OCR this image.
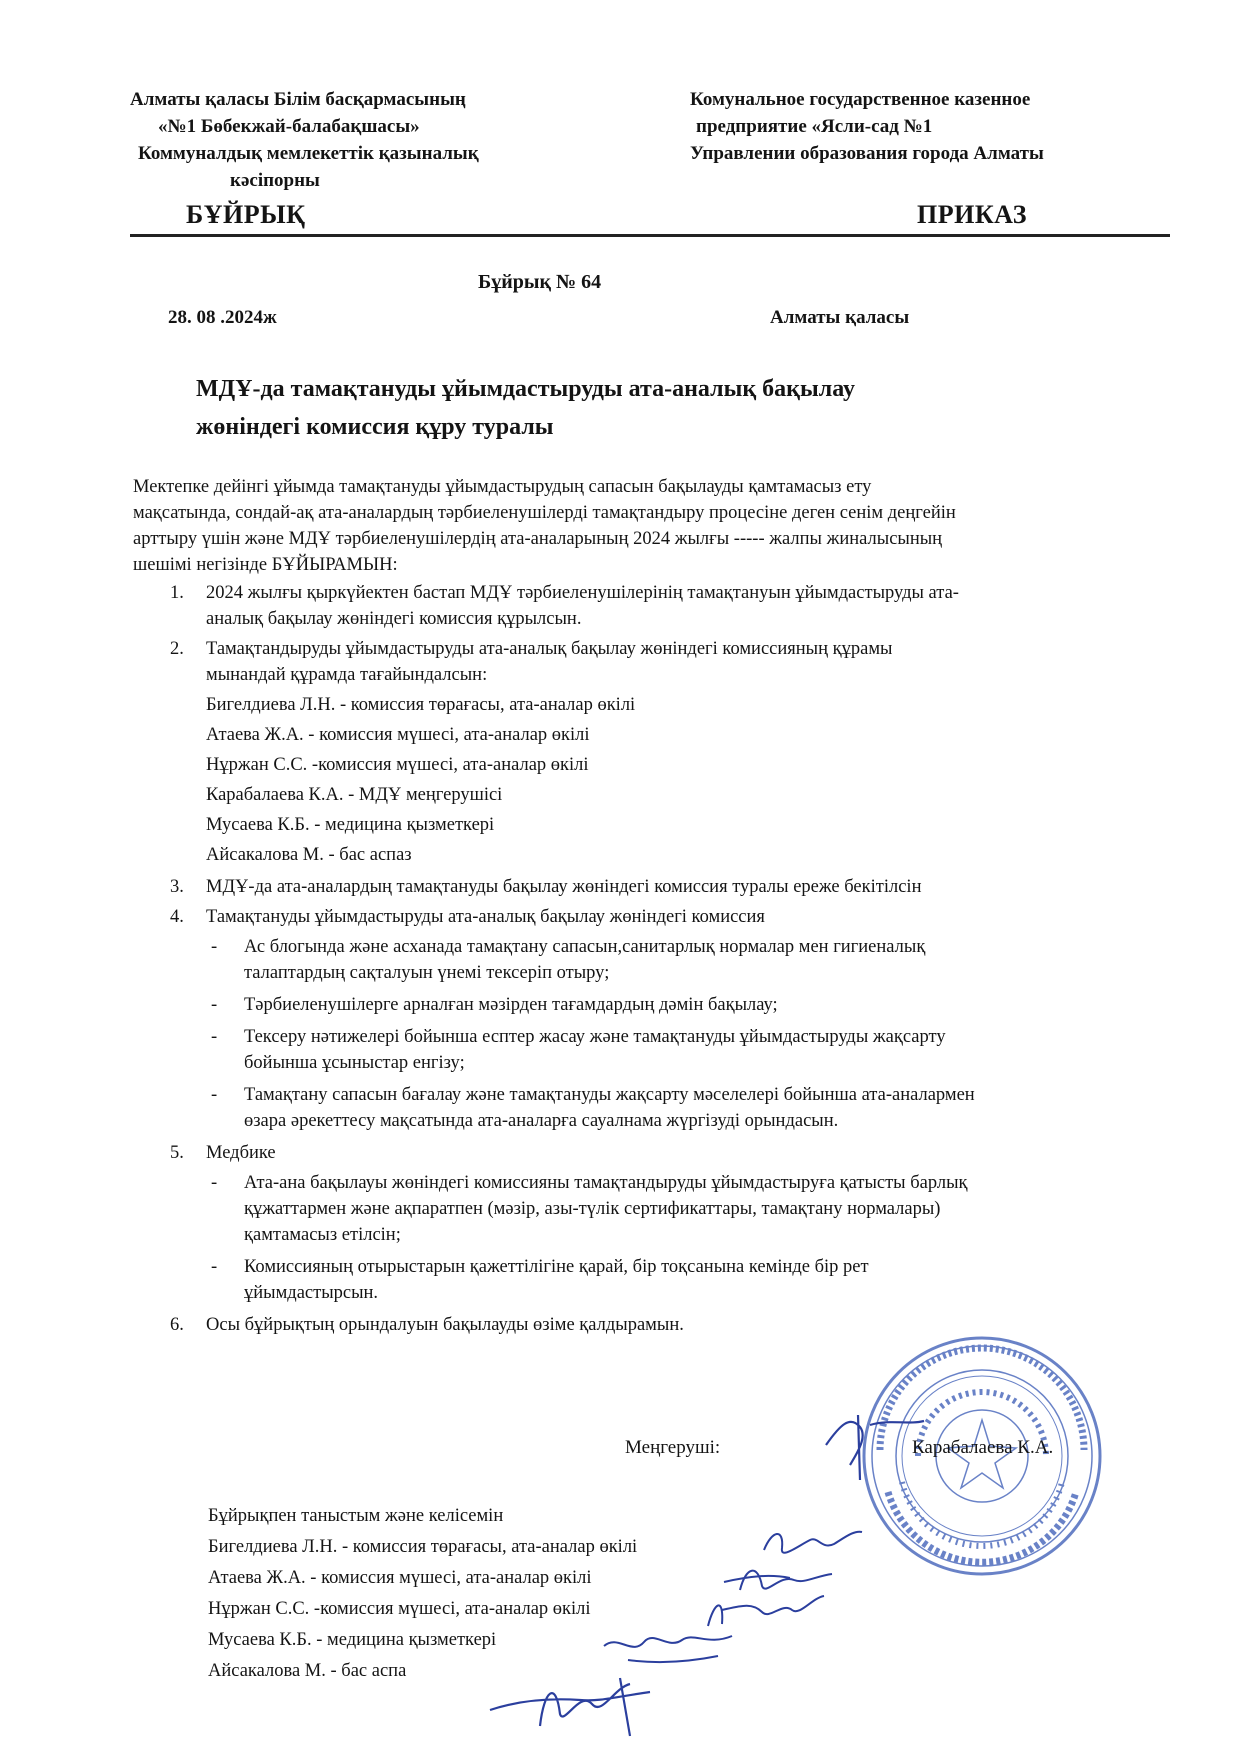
Алматы қаласы Білім басқармасының
«№1 Бөбекжай-балабақшасы»
Коммуналдық мемлекеттік қазыналық
кәсіпорны
Комунальное государственное казенное
предприятие «Ясли-сад №1
Управлении образования города Алматы
БҰЙРЫҚ	ПРИКАЗ
Бұйрық № 64
28. 08 .2024ж	Алматы қаласы
МДҰ-да тамақтануды ұйымдастыруды ата-аналық бақылау
жөніндегі комиссия құру туралы
Мектепке дейінгі ұйымда тамақтануды ұйымдастырудың сапасын бақылауды қамтамасыз ету
мақсатында, сондай-ақ ата-аналардың тәрбиеленушілерді тамақтандыру процесіне деген сенім деңгейін
арттыру үшін және МДҰ тәрбиеленушілердің ата-аналарының 2024 жылғы ----- жалпы жиналысының
шешімі негізінде БҰЙЫРАМЫН:
1. 2024 жылғы қыркүйектен бастап МДҰ тәрбиеленушілерінің тамақтануын ұйымдастыруды ата-
аналық бақылау жөніндегі комиссия құрылсын.
2. Тамақтандыруды ұйымдастыруды ата-аналық бақылау жөніндегі комиссияның құрамы
мынандай құрамда тағайындалсын:
Бигелдиева Л.Н. - комиссия төрағасы, ата-аналар өкілі
Атаева Ж.А. - комиссия мүшесі, ата-аналар өкілі
Нұржан С.С. -комиссия мүшесі, ата-аналар өкілі
Карабалаева К.А. - МДҰ меңгерушісі
Мусаева К.Б. - медицина қызметкері
Айсакалова М. - бас аспаз
3. МДҰ-да ата-аналардың тамақтануды бақылау жөніндегі комиссия туралы ереже бекітілсін
4. Тамақтануды ұйымдастыруды ата-аналық бақылау жөніндегі комиссия
- Ас блогында және асханада тамақтану сапасын,санитарлық нормалар мен гигиеналық
талаптардың сақталуын үнемі тексеріп отыру;
- Тәрбиеленушілерге арналған мәзірден тағамдардың дәмін бақылау;
- Тексеру нәтижелері бойынша есптер жасау және тамақтануды ұйымдастыруды жақсарту
бойынша ұсыныстар енгізу;
- Тамақтану сапасын бағалау және тамақтануды жақсарту мәселелері бойынша ата-аналармен
өзара әрекеттесу мақсатында ата-аналарға сауалнама жүргізуді орындасын.
5. Медбике
- Ата-ана бақылауы жөніндегі комиссияны тамақтандыруды ұйымдастыруға қатысты барлық
құжаттармен және ақпаратпен (мәзір, азы-түлік сертификаттары, тамақтану нормалары)
қамтамасыз етілсін;
- Комиссияның отырыстарын қажеттілігіне қарай, бір тоқсанына кемінде бір рет
ұйымдастырсын.
6. Осы бұйрықтың орындалуын бақылауды өзіме қалдырамын.
Меңгеруші:	Карабалаева К.А.
Бұйрықпен таныстым және келісемін
Бигелдиева Л.Н. - комиссия төрағасы, ата-аналар өкілі
Атаева Ж.А. - комиссия мүшесі, ата-аналар өкілі
Нұржан С.С. -комиссия мүшесі, ата-аналар өкілі
Мусаева К.Б. - медицина қызметкері
Айсакалова М. - бас аспа
